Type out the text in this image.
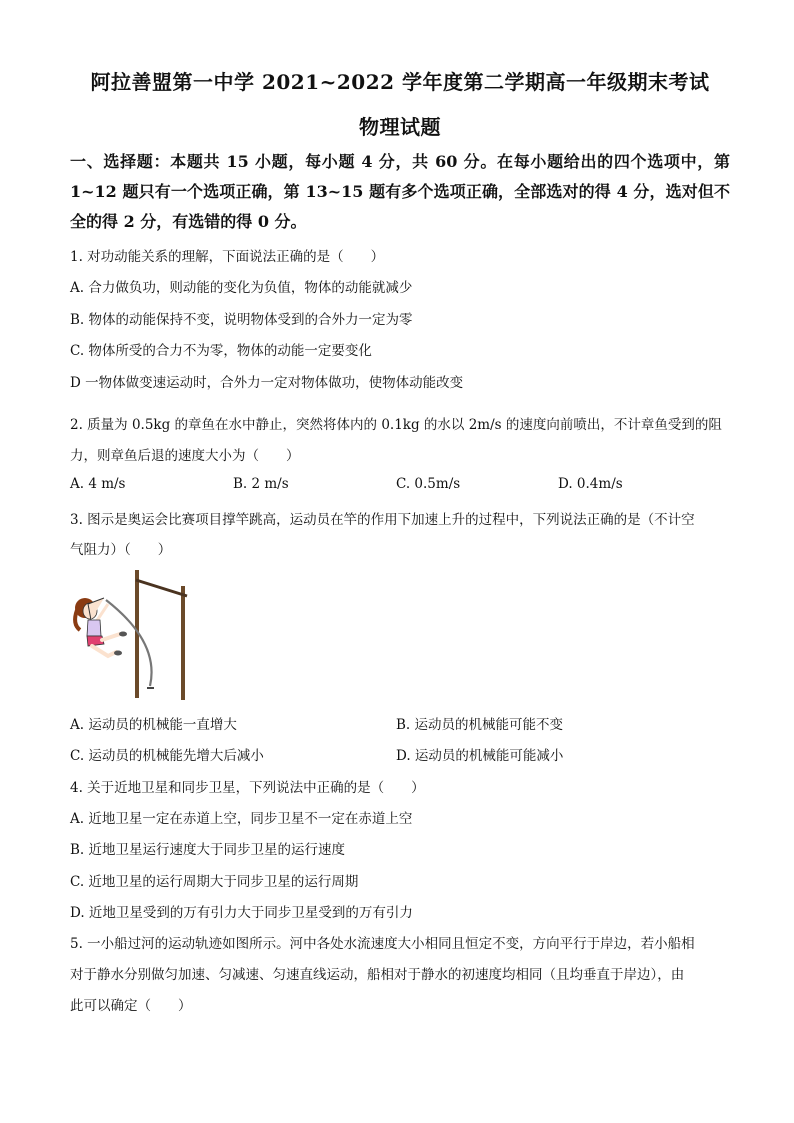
阿拉善盟第一中学 2021~2022 学年度第二学期高一年级期末考试
物理试题
一、选择题：本题共 15 小题，每小题 4 分，共 60 分。在每小题给出的四个选项中，第 1~12 题只有一个选项正确，第 13~15 题有多个选项正确，全部选对的得 4 分，选对但不全的得 2 分，有选错的得 0 分。
1. 对功动能关系的理解，下面说法正确的是（　　）
A. 合力做负功，则动能的变化为负值，物体的动能就减少
B. 物体的动能保持不变，说明物体受到的合外力一定为零
C. 物体所受的合力不为零，物体的动能一定要变化
D 一物体做变速运动时，合外力一定对物体做功，使物体动能改变
2. 质量为 0.5kg 的章鱼在水中静止，突然将体内的 0.1kg 的水以 2m/s 的速度向前喷出，不计章鱼受到的阻
力，则章鱼后退的速度大小为（　　）
A. 4 m/s	B. 2 m/s	C. 0.5m/s	D. 0.4m/s
3. 图示是奥运会比赛项目撑竿跳高，运动员在竿的作用下加速上升的过程中，下列说法正确的是（不计空
气阻力）（　　）
A. 运动员的机械能一直增大	B. 运动员的机械能可能不变
C. 运动员的机械能先增大后减小	D. 运动员的机械能可能减小
4. 关于近地卫星和同步卫星，下列说法中正确的是（　　）
A. 近地卫星一定在赤道上空，同步卫星不一定在赤道上空
B. 近地卫星运行速度大于同步卫星的运行速度
C. 近地卫星的运行周期大于同步卫星的运行周期
D. 近地卫星受到的万有引力大于同步卫星受到的万有引力
5. 一小船过河的运动轨迹如图所示。河中各处水流速度大小相同且恒定不变，方向平行于岸边，若小船相
对于静水分别做匀加速、匀减速、匀速直线运动，船相对于静水的初速度均相同（且均垂直于岸边），由
此可以确定（　　）
